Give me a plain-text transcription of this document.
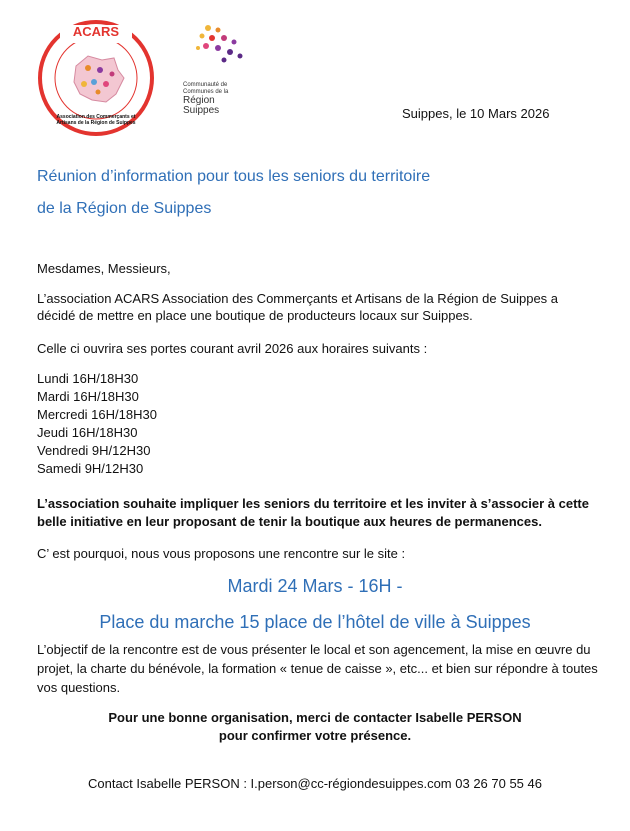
ACARS
Association des Commerçants et Artisans de la Région de Suippes
Communauté de
Communes de la
Région
Suippes	Suippes, le 10 Mars 2026
Réunion d’information pour tous les seniors du territoire
de la Région de Suippes
Mesdames, Messieurs,
L’association ACARS Association des Commerçants et Artisans de la Région de Suippes a décidé de mettre en place une boutique de producteurs locaux sur Suippes.
Celle ci ouvrira ses portes courant avril 2026 aux horaires suivants :
Lundi 16H/18H30
Mardi 16H/18H30
Mercredi 16H/18H30
Jeudi 16H/18H30
Vendredi 9H/12H30
Samedi 9H/12H30
L’association souhaite impliquer les seniors du territoire et les inviter à s’associer à cette belle initiative en leur proposant de tenir la boutique aux heures de permanences.
C’ est pourquoi, nous vous proposons une rencontre sur le site :
Mardi 24 Mars - 16H -
Place du marche 15 place de l’hôtel de ville à Suippes
L’objectif de la rencontre est de vous présenter le local et son agencement, la mise en œuvre du projet, la charte du bénévole, la formation « tenue de caisse », etc... et bien sur répondre à toutes vos questions.
Pour une bonne organisation, merci de contacter Isabelle PERSON
pour confirmer votre présence.
Contact Isabelle PERSON : I.person@cc-régiondesuippes.com 03 26 70 55 46
